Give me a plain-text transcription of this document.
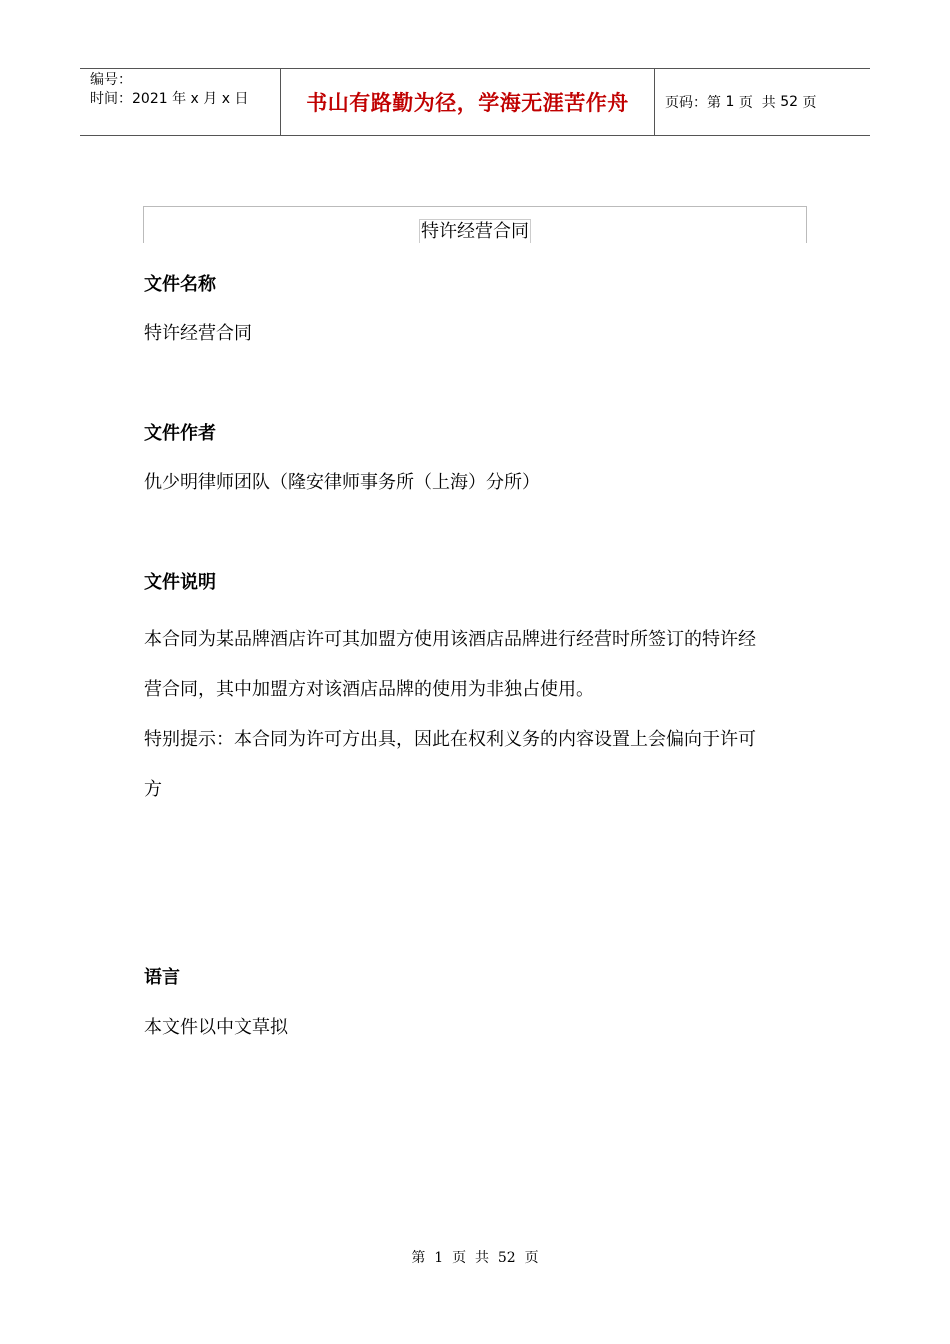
编号：
时间：2021 年 x 月 x 日	书山有路勤为径，学海无涯苦作舟	页码：第 1 页  共 52 页
特许经营合同
文件名称
特许经营合同
文件作者
仇少明律师团队（隆安律师事务所（上海）分所）
文件说明
本合同为某品牌酒店许可其加盟方使用该酒店品牌进行经营时所签订的特许经
营合同，其中加盟方对该酒店品牌的使用为非独占使用。
特别提示：本合同为许可方出具，因此在权利义务的内容设置上会偏向于许可
方
语言
本文件以中文草拟
第  1  页  共  52  页
